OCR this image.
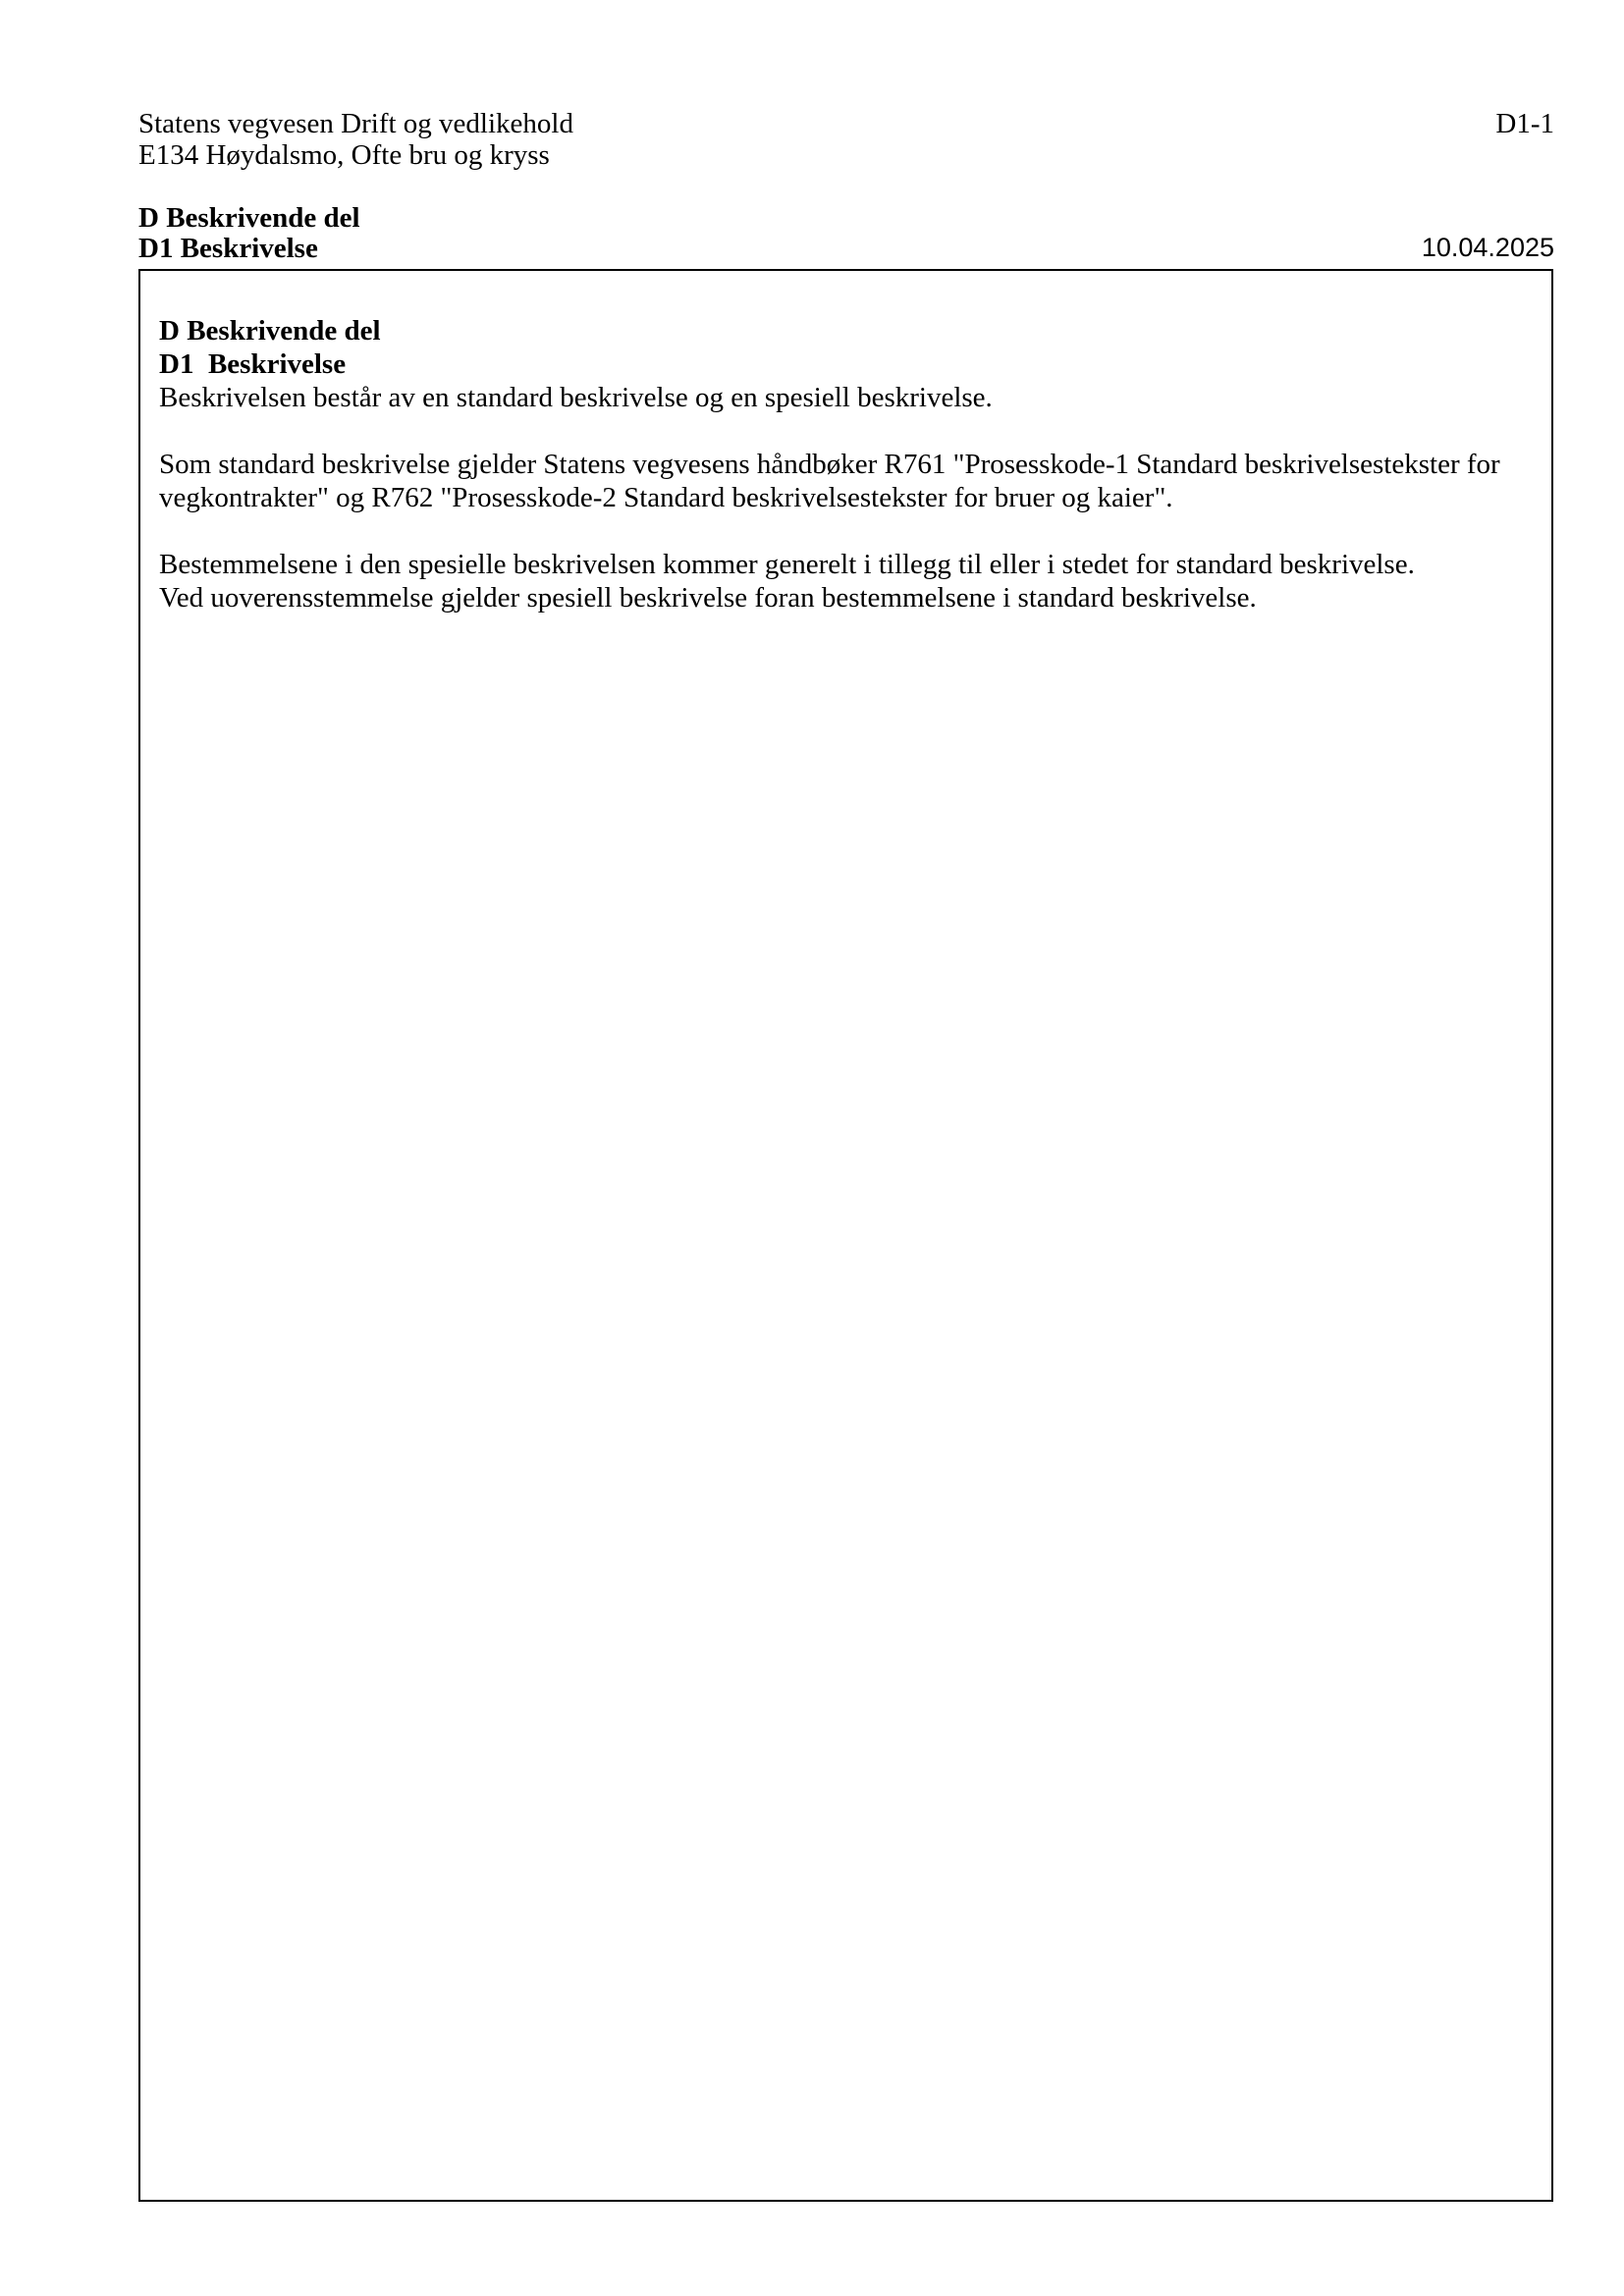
Statens vegvesen Drift og vedlikehold
E134 Høydalsmo, Ofte bru og kryss
D1-1
D Beskrivende del
D1 Beskrivelse	10.04.2025

D Beskrivende del

D1  Beskrivelse

Beskrivelsen består av en standard beskrivelse og en spesiell beskrivelse.

Som standard beskrivelse gjelder Statens vegvesens håndbøker R761 "Prosesskode-1 Standard beskrivelsestekster for vegkontrakter" og R762 "Prosesskode-2 Standard beskrivelsestekster for bruer og kaier".

Bestemmelsene i den spesielle beskrivelsen kommer generelt i tillegg til eller i stedet for standard beskrivelse.

Ved uoverensstemmelse gjelder spesiell beskrivelse foran bestemmelsene i standard beskrivelse.
